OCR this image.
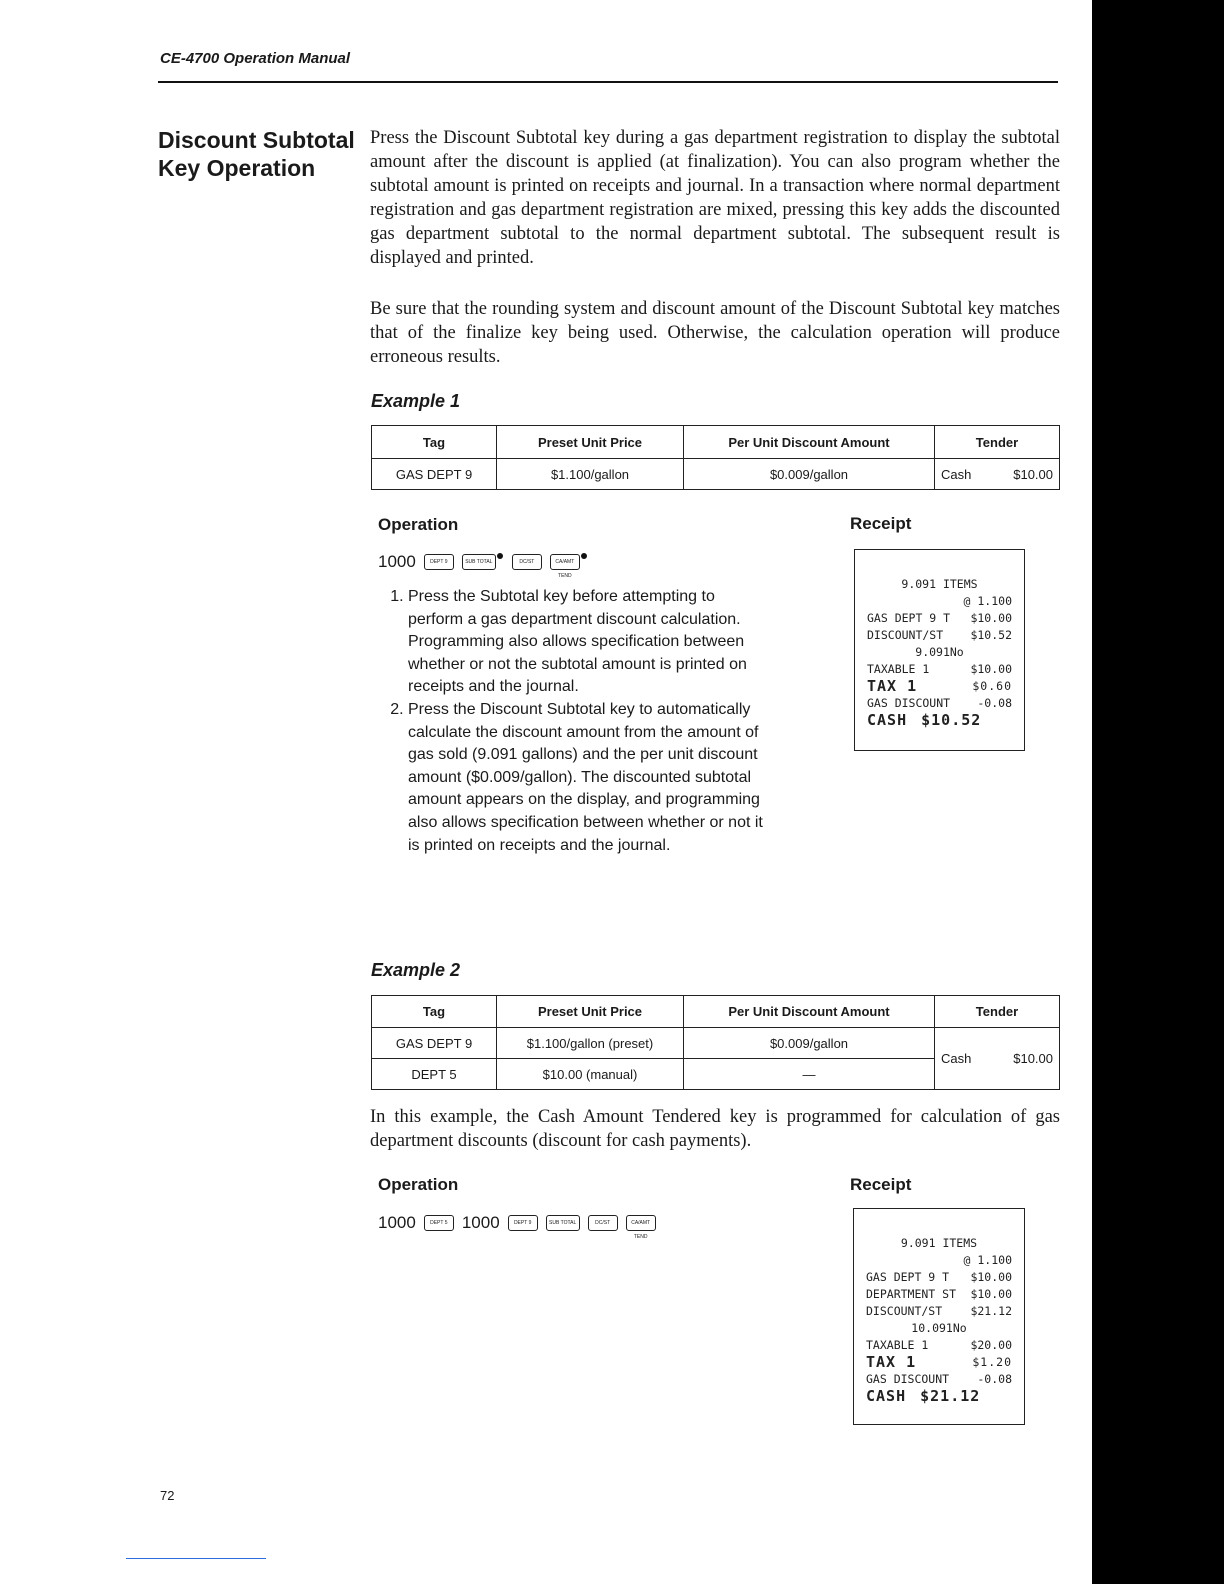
CE-4700 Operation Manual
Discount Subtotal
Key Operation

Press the Discount Subtotal key during a gas department registration to display the subtotal amount after the discount is applied (at finalization). You can also program whether the subtotal amount is printed on receipts and journal. In a transaction where normal department registration and gas department registration are mixed, pressing this key adds the discounted gas department subtotal to the normal department subtotal. The subsequent result is displayed and printed.

Be sure that the rounding system and discount amount of the Discount Subtotal key matches that of the finalize key being used. Otherwise, the calculation operation will produce erroneous results.

Example 1
Tag	Preset Unit Price	Per Unit Discount Amount	Tender
GAS DEPT 9	$1.100/gallon	$0.009/gallon	Cash $10.00
Operation	Receipt
1000	DEPT 9	SUB TOTAL	DC/ST	CA/AMT TEND
1. Press the Subtotal key before attempting to perform a gas department discount calculation. Programming also allows specification between whether or not the subtotal amount is printed on receipts and the journal.
2. Press the Discount Subtotal key to automatically calculate the discount amount from the amount of gas sold (9.091 gallons) and the per unit discount amount ($0.009/gallon). The discounted subtotal amount appears on the display, and programming also allows specification between whether or not it is printed on receipts and the journal.
9.091 ITEMS
@ 1.100
GAS DEPT 9 T $10.00
DISCOUNT/ST $10.52
9.091No
TAXABLE 1	$10.00
TAX 1	$0.60
GAS DISCOUNT -0.08
CASH $10.52
Example 2
Tag	Preset Unit Price	Per Unit Discount Amount	Tender
GAS DEPT 9	$1.100/gallon (preset)	$0.009/gallon	Cash $10.00

DEPT 5	$10.00 (manual)	—	

In this example, the Cash Amount Tendered key is programmed for calculation of gas department discounts (discount for cash payments).

Operation	Receipt
1000	DEPT 5 1000	DEPT 9	SUB TOTAL	DC/ST	CA/AMT TEND	9.091 ITEMS
@ 1.100
GAS DEPT 9 T $10.00
DEPARTMENT ST $10.00
DISCOUNT/ST $21.12
10.091No
TAXABLE 1	$20.00
TAX 1	$1.20
GAS DISCOUNT -0.08
CASH $21.12
72
